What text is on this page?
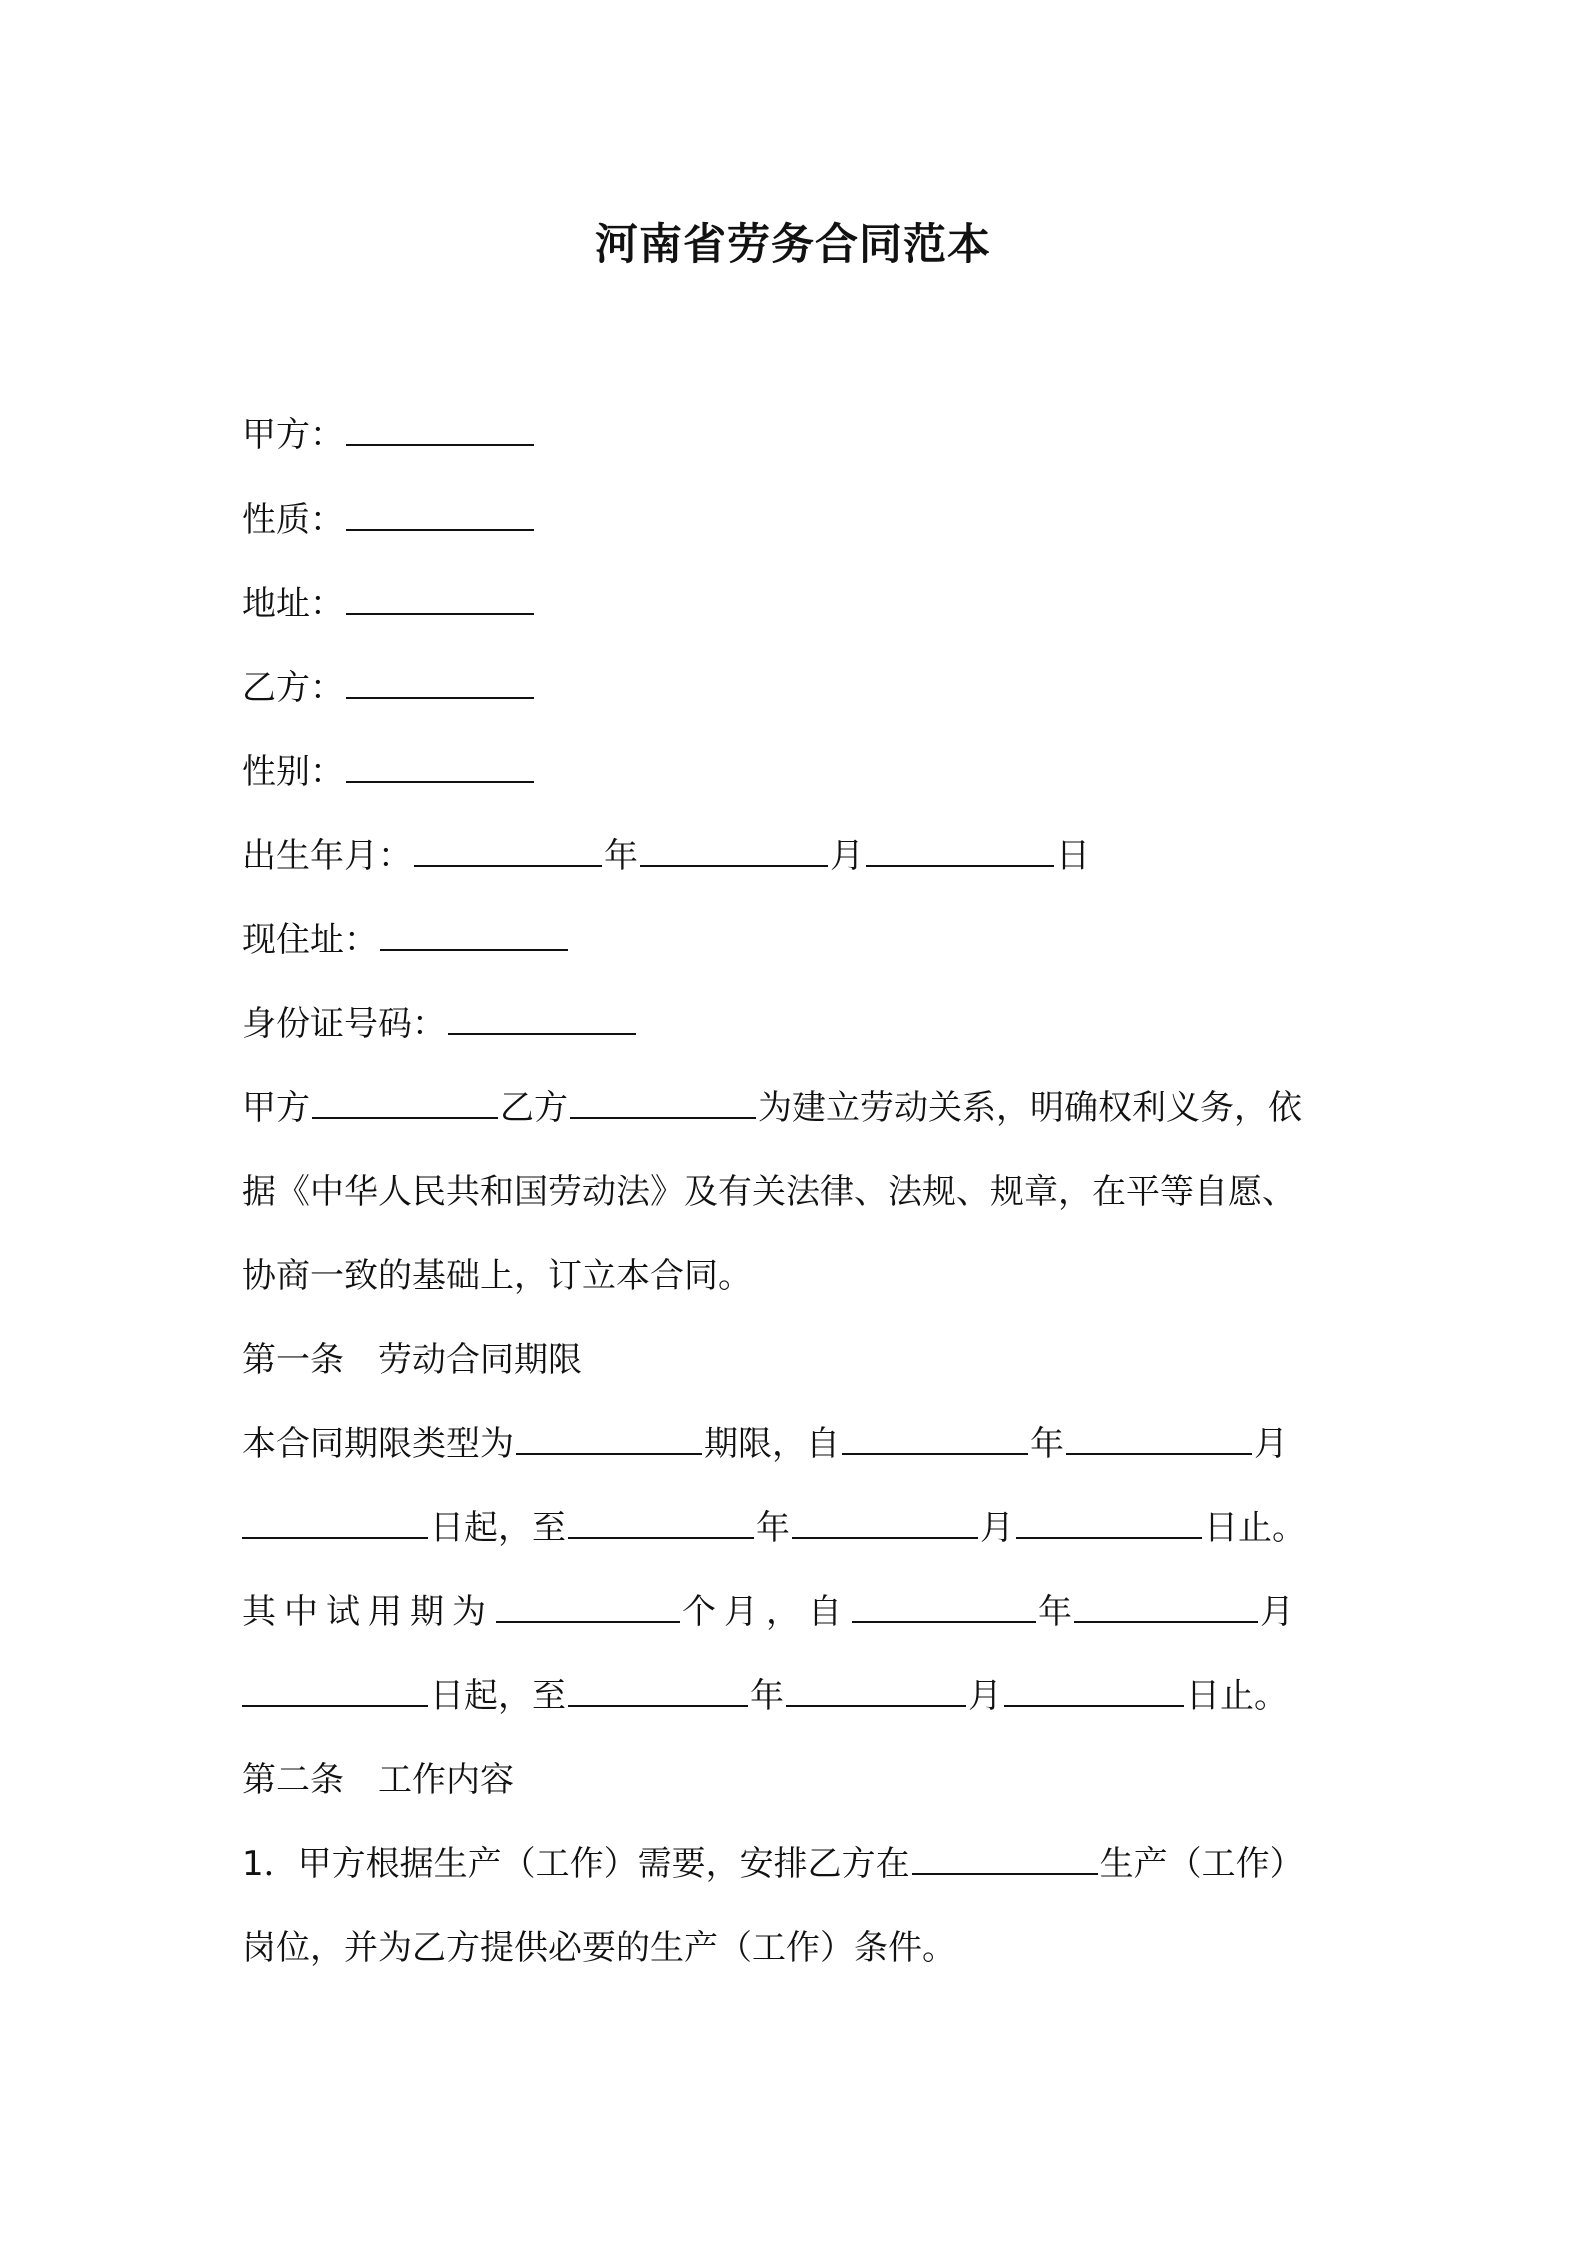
河南省劳务合同范本
甲方：
性质：
地址：
乙方：
性别：
出生年月：	年	月	日
现住址：
身份证号码：
甲方	乙方	为建立劳动关系，明确权利义务，依
据《中华人民共和国劳动法》及有关法律、法规、规章，在平等自愿、
协商一致的基础上，订立本合同。
第一条　劳动合同期限
本合同期限类型为	期限，自	年	月
日起，至	年	月	日止。
其中试用期为	个月，自	年	月
日起，至	年	月	日止。
第二条　工作内容
1．甲方根据生产（工作）需要，安排乙方在	生产（工作）
岗位，并为乙方提供必要的生产（工作）条件。
